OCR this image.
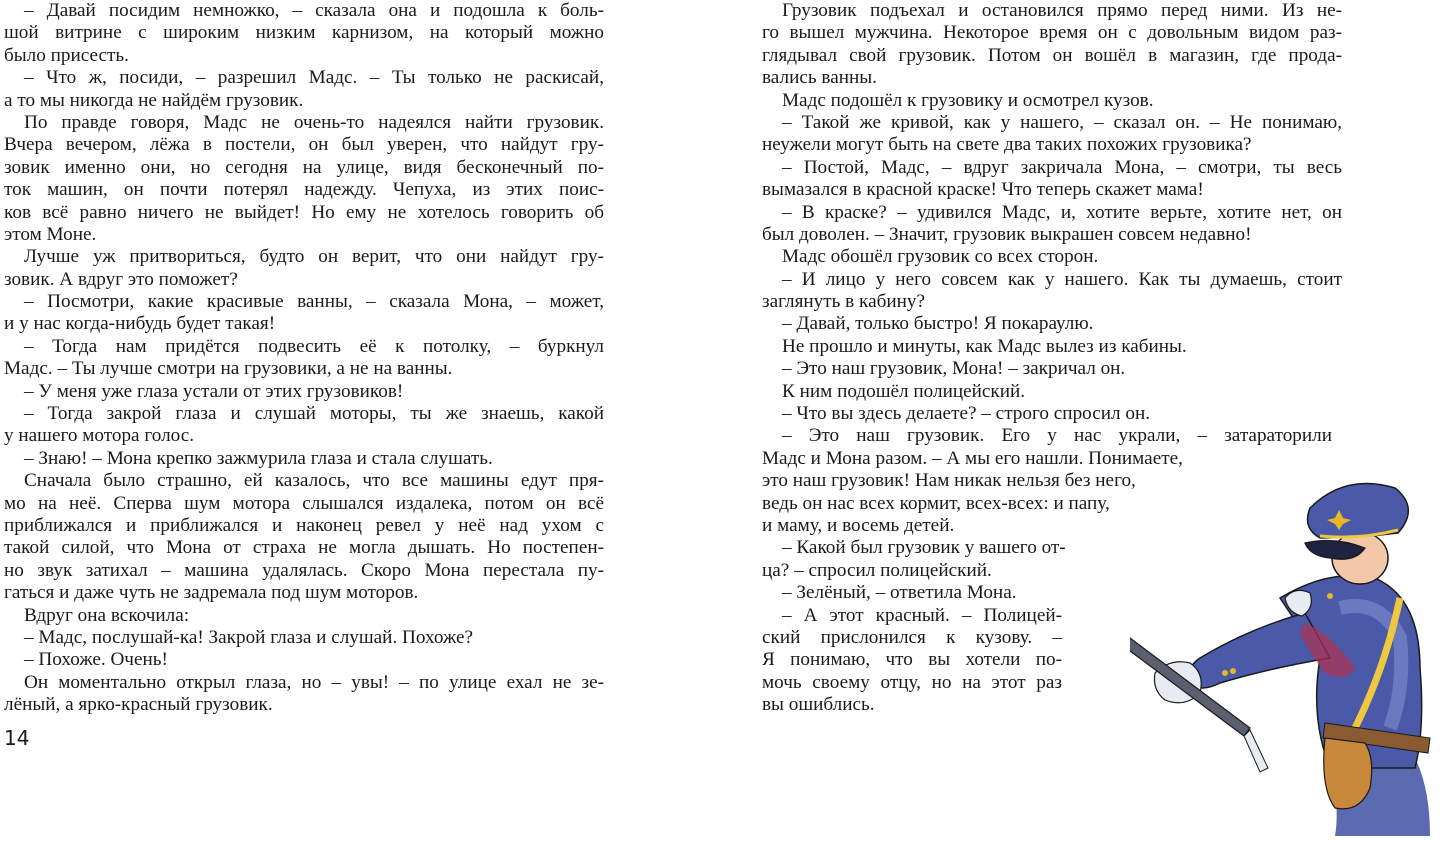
– Давай посидим немножко, – сказала она и подошла к боль-
шой витрине с широким низким карнизом, на который можно
было присесть.
– Что ж, посиди, – разрешил Мадс. – Ты только не раскисай,
а то мы никогда не найдём грузовик.
По правде говоря, Мадс не очень-то надеялся найти грузовик.
Вчера вечером, лёжа в постели, он был уверен, что найдут гру-
зовик именно они, но сегодня на улице, видя бесконечный по-
ток машин, он почти потерял надежду. Чепуха, из этих поис-
ков всё равно ничего не выйдет! Но ему не хотелось говорить об
этом Моне.
Лучше уж притвориться, будто он верит, что они найдут гру-
зовик. А вдруг это поможет?
– Посмотри, какие красивые ванны, – сказала Мона, – может,
и у нас когда-нибудь будет такая!
– Тогда нам придётся подвесить её к потолку, – буркнул
Мадс. – Ты лучше смотри на грузовики, а не на ванны.
– У меня уже глаза устали от этих грузовиков!
– Тогда закрой глаза и слушай моторы, ты же знаешь, какой
у нашего мотора голос.
– Знаю! – Мона крепко зажмурила глаза и стала слушать.
Сначала было страшно, ей казалось, что все машины едут пря-
мо на неё. Сперва шум мотора слышался издалека, потом он всё
приближался и приближался и наконец ревел у неё над ухом с
такой силой, что Мона от страха не могла дышать. Но постепен-
но звук затихал – машина удалялась. Скоро Мона перестала пу-
гаться и даже чуть не задремала под шум моторов.
Вдруг она вскочила:
– Мадс, послушай-ка! Закрой глаза и слушай. Похоже?
– Похоже. Очень!
Он моментально открыл глаза, но – увы! – по улице ехал не зе-
лёный, а ярко-красный грузовик.
Грузовик подъехал и остановился прямо перед ними. Из не-
го вышел мужчина. Некоторое время он с довольным видом раз-
глядывал свой грузовик. Потом он вошёл в магазин, где прода-
вались ванны.
Мадс подошёл к грузовику и осмотрел кузов.
– Такой же кривой, как у нашего, – сказал он. – Не понимаю,
неужели могут быть на свете два таких похожих грузовика?
– Постой, Мадс, – вдруг закричала Мона, – смотри, ты весь
вымазался в красной краске! Что теперь скажет мама!
– В краске? – удивился Мадс, и, хотите верьте, хотите нет, он
был доволен. – Значит, грузовик выкрашен совсем недавно!
Мадс обошёл грузовик со всех сторон.
– И лицо у него совсем как у нашего. Как ты думаешь, стоит
заглянуть в кабину?
– Давай, только быстро! Я покараулю.
Не прошло и минуты, как Мадс вылез из кабины.
– Это наш грузовик, Мона! – закричал он.
К ним подошёл полицейский.
– Что вы здесь делаете? – строго спросил он.
– Это наш грузовик. Его у нас украли, – затараторили
Мадс и Мона разом. – А мы его нашли. Понимаете,
это наш грузовик! Нам никак нельзя без него,
ведь он нас всех кормит, всех-всех: и папу,
и маму, и восемь детей.
– Какой был грузовик у вашего от-
ца? – спросил полицейский.
– Зелёный, – ответила Мона.
– А этот красный. – Полицей-
ский прислонился к кузову. –
Я понимаю, что вы хотели по-
мочь своему отцу, но на этот раз
вы ошиблись.
14
